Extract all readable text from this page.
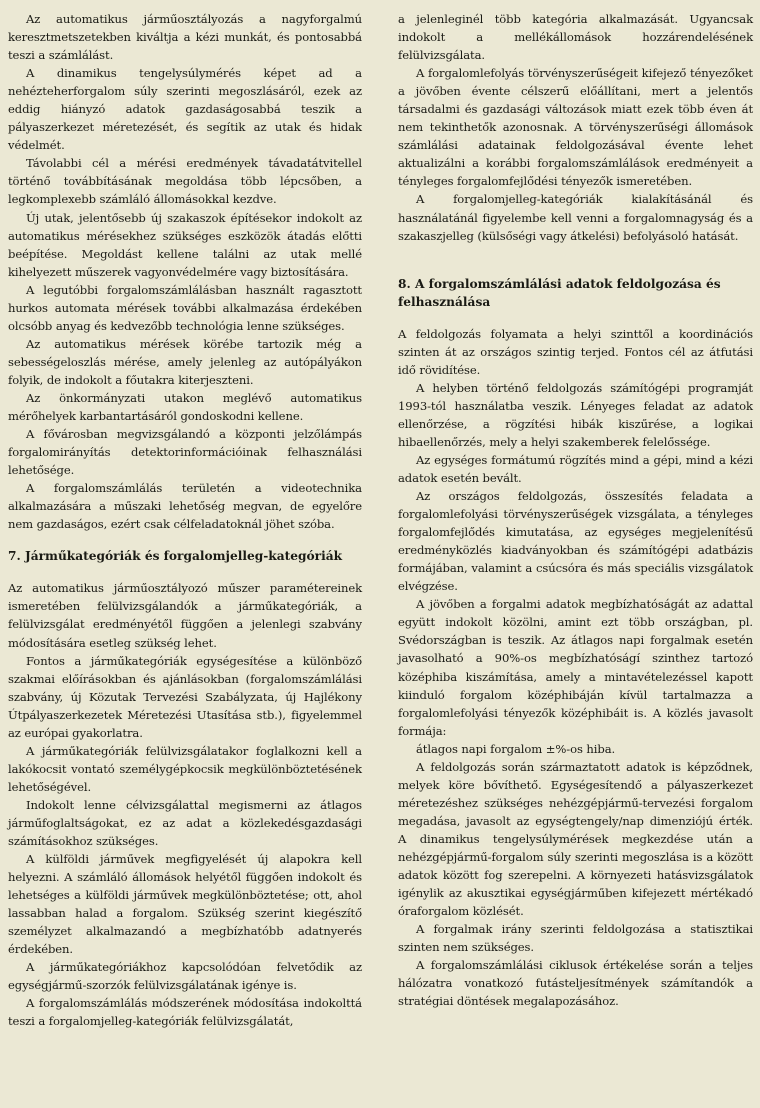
Az automatikus járműosztályozás a nagyforgalmú keresztmetszetekben kiváltja a kézi munkát, és pontosabbá teszi a számlálást.

A dinamikus tengelysúlymérés képet ad a nehézteherforgalom súly szerinti megoszlásáról, ezek az eddig hiányzó adatok gazdaságosabbá teszik a pályaszerkezet méretezését, és segítik az utak és hidak védelmét.

Távolabbi cél a mérési eredmények távadatátvitellel történő továbbításának megoldása több lépcsőben, a legkomplexebb számláló állomásokkal kezdve.

Új utak, jelentősebb új szakaszok építésekor indokolt az automatikus mérésekhez szükséges eszközök átadás előtti beépítése. Megoldást kellene találni az utak mellé kihelyezett műszerek vagyonvédelmére vagy biztosítására.

A legutóbbi forgalomszámlálásban használt ragasztott hurkos automata mérések további alkalmazása érdekében olcsóbb anyag és kedvezőbb technológia lenne szükséges.

Az automatikus mérések körébe tartozik még a sebességeloszlás mérése, amely jelenleg az autópályákon folyik, de indokolt a főutakra kiterjeszteni.

Az önkormányzati utakon meglévő automatikus mérőhelyek karbantartásáról gondoskodni kellene.

A fővárosban megvizsgálandó a központi jelzőlámpás forgalomirányítás detektorinformációinak felhasználási lehetősége.

A forgalomszámlálás területén a videotechnika alkalmazására a műszaki lehetőség megvan, de egyelőre nem gazdaságos, ezért csak célfeladatoknál jöhet szóba.

7. Járműkategóriák és forgalomjelleg-kategóriák

Az automatikus járműosztályozó műszer paramétereinek ismeretében felülvizsgálandók a járműkategóriák, a felülvizsgálat eredményétől függően a jelenlegi szabvány módosítására esetleg szükség lehet.

Fontos a járműkategóriák egységesítése a különböző szakmai előírásokban és ajánlásokban (forgalomszámlálási szabvány, új Közutak Tervezési Szabályzata, új Hajlékony Útpályaszerkezetek Méretezési Utasítása stb.), figyelemmel az európai gyakorlatra.

A járműkategóriák felülvizsgálatakor foglalkozni kell a lakókocsit vontató személygépkocsik megkülönböztetésének lehetőségével.

Indokolt lenne célvizsgálattal megismerni az átlagos járműfoglaltságokat, ez az adat a közlekedésgazdasági számításokhoz szükséges.

A külföldi járművek megfigyelését új alapokra kell helyezni. A számláló állomások helyétől függően indokolt és lehetséges a külföldi járművek megkülönböztetése; ott, ahol lassabban halad a forgalom. Szükség szerint kiegészítő személyzet alkalmazandó a megbízhatóbb adatnyerés érdekében.

A járműkategóriákhoz kapcsolódóan felvetődik az egységjármű-szorzók felülvizsgálatának igénye is.

A forgalomszámlálás módszerének módosítása indokolttá teszi a forgalomjelleg-kategóriák felülvizsgálatát,

a jelenleginél több kategória alkalmazását. Ugyancsak indokolt a mellékállomások hozzárendelésének felülvizsgálata.

A forgalomlefolyás törvényszerűségeit kifejező tényezőket a jövőben évente célszerű előállítani, mert a jelentős társadalmi és gazdasági változások miatt ezek több éven át nem tekinthetők azonosnak. A törvényszerűségi állomások számlálási adatainak feldolgozásával évente lehet aktualizálni a korábbi forgalomszámlálások eredményeit a tényleges forgalomfejlődési tényezők ismeretében.

A forgalomjelleg-kategóriák kialakításánál és használatánál figyelembe kell venni a forgalomnagyság és a szakaszjelleg (külsőségi vagy átkelési) befolyásoló hatását.

8. A forgalomszámlálási adatok feldolgozása és felhasználása

A feldolgozás folyamata a helyi szinttől a koordinációs szinten át az országos szintig terjed. Fontos cél az átfutási idő rövidítése.

A helyben történő feldolgozás számítógépi programját 1993-tól használatba veszik. Lényeges feladat az adatok ellenőrzése, a rögzítési hibák kiszűrése, a logikai hibaellenőrzés, mely a helyi szakemberek felelőssége.

Az egységes formátumú rögzítés mind a gépi, mind a kézi adatok esetén bevált.

Az országos feldolgozás, összesítés feladata a forgalomlefolyási törvényszerűségek vizsgálata, a tényleges forgalomfejlődés kimutatása, az egységes megjelenítésű eredményközlés kiadványokban és számítógépi adatbázis formájában, valamint a csúcsóra és más speciális vizsgálatok elvégzése.

A jövőben a forgalmi adatok megbízhatóságát az adattal együtt indokolt közölni, amint ezt több országban, pl. Svédországban is teszik. Az átlagos napi forgalmak esetén javasolható a 90%-os megbízhatóságí szinthez tartozó középhiba kiszámítása, amely a mintavételezéssel kapott kiinduló forgalom középhibáján kívül tartalmazza a forgalomlefolyási tényezők középhibáit is. A közlés javasolt formája:

átlagos napi forgalom ±%-os hiba.

A feldolgozás során származtatott adatok is képződnek, melyek köre bővíthető. Egységesítendő a pályaszerkezet méretezéshez szükséges nehézgépjármű-tervezési forgalom megadása, javasolt az egységtengely/nap dimenziójú érték. A dinamikus tengelysúlymérések megkezdése után a nehézgépjármű-forgalom súly szerinti megoszlása is a között adatok között fog szerepelni. A környezeti hatásvizsgálatok igénylik az akusztikai egységjárműben kifejezett mértékadó óraforgalom közlését.

A forgalmak irány szerinti feldolgozása a statisztikai szinten nem szükséges.

A forgalomszámlálási ciklusok értékelése során a teljes hálózatra vonatkozó futásteljesítmények számítandók a stratégiai döntések megalapozásához.
